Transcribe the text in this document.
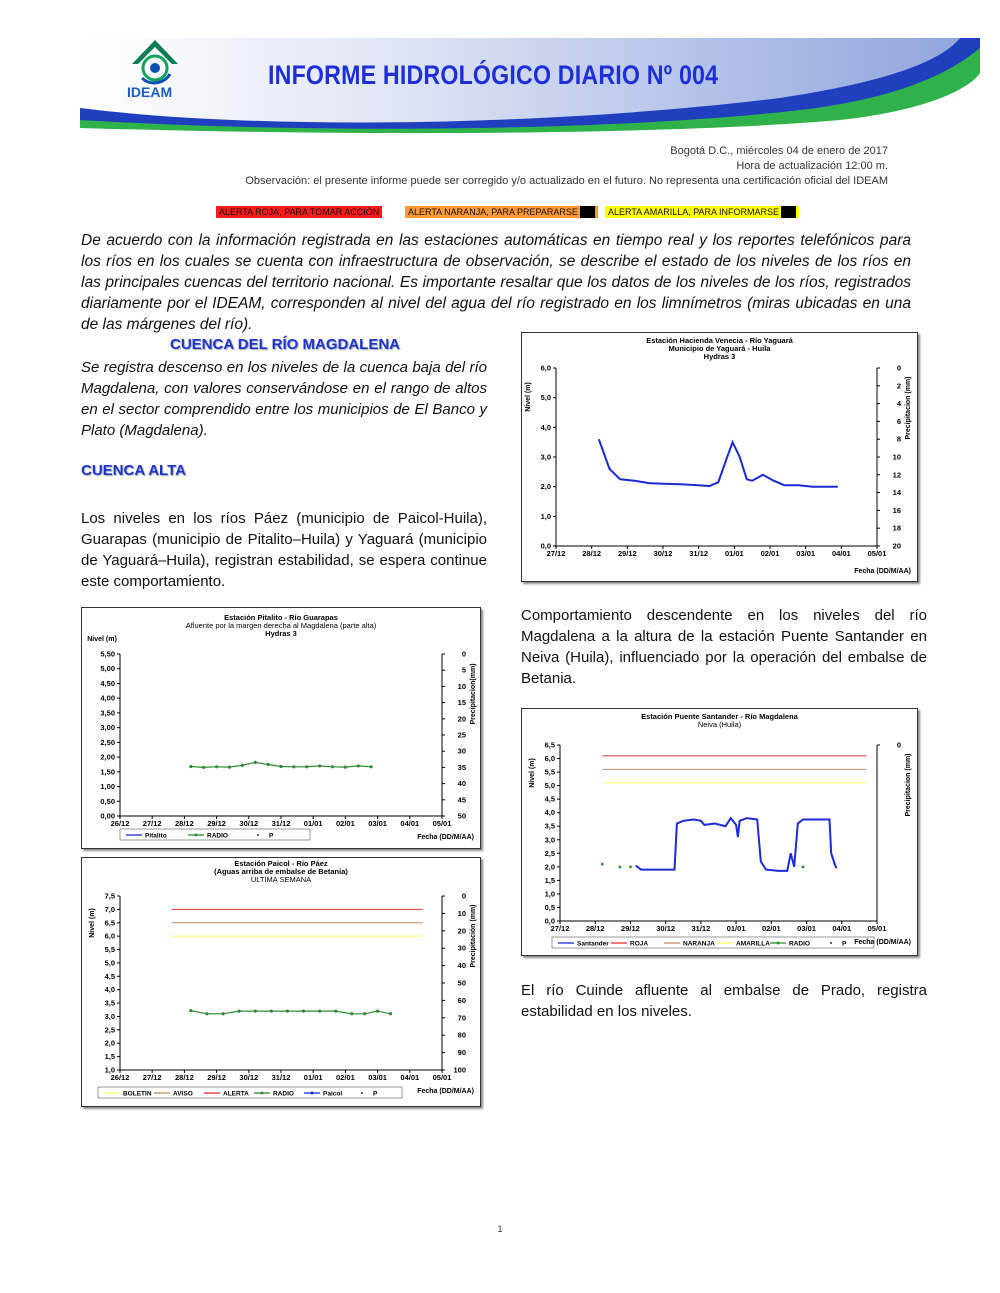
IDEAM
INFORME HIDROLÓGICO DIARIO Nº 004
Bogotá D.C., miércoles 04 de enero de 2017
Hora de actualización 12:00 m.
Observación: el presente informe puede ser corregido y/o actualizado en el futuro. No representa una certificación oficial del IDEAM
ALERTA ROJA, PARA TOMAR ACCIÓN	ALERTA NARANJA, PARA PREPARARSE	ALERTA AMARILLA, PARA INFORMARSE
De acuerdo con la información registrada en las estaciones automáticas en tiempo real y los reportes telefónicos para los ríos en los cuales se cuenta con infraestructura de observación, se describe el estado de los niveles de los ríos en las principales cuencas del territorio nacional. Es importante resaltar que los datos de los niveles de los ríos, registrados diariamente por el IDEAM, corresponden al nivel del agua del río registrado en los limnímetros (miras ubicadas en una de las márgenes del río).
CUENCA DEL RÍO MAGDALENA
Se registra descenso en los niveles de la cuenca baja del río Magdalena, con valores conservándose en el rango de altos en el sector comprendido entre los municipios de El Banco y Plato (Magdalena).
CUENCA ALTA
Los niveles en los ríos Páez (municipio de Paicol-Huila), Guarapas (municipio de Pitalito–Huila) y Yaguará (municipio de Yaguará–Huila), registran estabilidad, se espera continue este comportamiento.
Comportamiento descendente en los niveles del río Magdalena a la altura de la estación Puente Santander en Neiva (Huila), influenciado por la operación del embalse de Betania.
El río Cuinde afluente al embalse de Prado, registra estabilidad en los niveles.
Estación Hacienda Venecia - Río Yaguará
Municipio de Yaguará - Huila
Hydras 3
0,0
1,0
2,0
3,0
4,0
5,0
6,0	0
2
4
6
8
10
12
14
16
18
20
27/12 28/12 29/12 30/12 31/12 01/01 02/01 03/01 04/01 05/01
Nivel (m)	Precipitacion (mm)
Fecha (DD/M/AA)
Estación Pitalito - Río Guarapas
Afluente por la margen derecha al Magdalena (parte alta)
Hydras 3
0,00
0,50
1,00
1,50
2,00
2,50
3,00
3,50
4,00
4,50
5,00
5,50	0
5
10
15
20
25
30
35
40
45
50
26/12 27/12 28/12 29/12 30/12 31/12 01/01 02/01 03/01 04/01 05/01
Nivel (m)
Precipitacion(mm)
Fecha (DD/M/AA)
Pitalito	RADIO	P
Estación Paicol - Río Páez
(Aguas arriba de embalse de Betania)
ULTIMA SEMANA
1,0
1,5
2,0
2,5
3,0
3,5
4,0
4,5
5,0
5,5
6,0
6,5
7,0
7,5	0
10
20
30
40
50
60
70
80
90
100
26/12 27/12 28/12 29/12 30/12 31/12 01/01 02/01 03/01 04/01 05/01
Nivel (m)	Precipitación (mm)
Fecha (DD/M/AA)
BOLETIN	AVISO	ALERTA	RADIO	Paicol	P
Estación Puente Santander - Río Magdalena
Neiva (Huila)
0,0
0,5
1,0
1,5
2,0
2,5
3,0
3,5
4,0
4,5
5,0
5,5
6,0
6,5	0
27/12 28/12 29/12 30/12 31/12 01/01 02/01 03/01 04/01 05/01
Nivel (m)	Precipitacion (mm)
Fecha (DD/M/AA)
Santander	ROJA	NARANJA	AMARILLA	RADIO	P
1
